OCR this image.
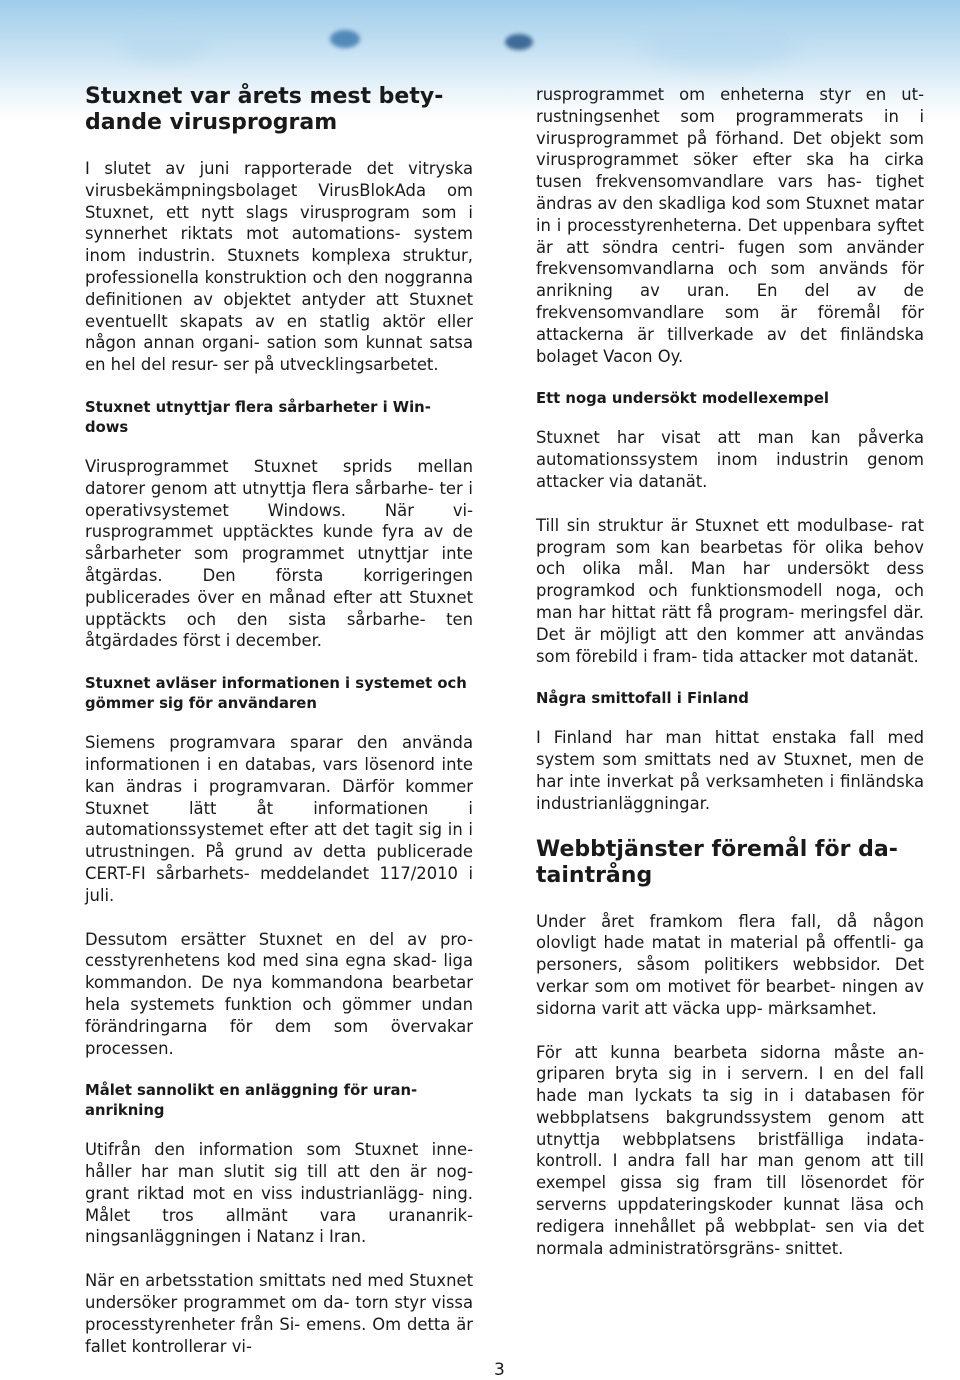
Stuxnet var årets mest bety- dande virusprogram

I slutet av juni rapporterade det vitryska virusbekämpningsbolaget VirusBlokAda om Stuxnet, ett nytt slags virusprogram som i synnerhet riktats mot automations- system inom industrin. Stuxnets komplexa struktur, professionella konstruktion och den noggranna definitionen av objektet antyder att Stuxnet eventuellt skapats av en statlig aktör eller någon annan organi- sation som kunnat satsa en hel del resur- ser på utvecklingsarbetet.

Stuxnet utnyttjar flera sårbarheter i Win- dows

Virusprogrammet Stuxnet sprids mellan datorer genom att utnyttja flera sårbarhe- ter i operativsystemet Windows. När vi- rusprogrammet upptäcktes kunde fyra av de sårbarheter som programmet utnyttjar inte åtgärdas. Den första korrigeringen publicerades över en månad efter att Stuxnet upptäckts och den sista sårbarhe- ten åtgärdades först i december.

Stuxnet avläser informationen i systemet och gömmer sig för användaren

Siemens programvara sparar den använda informationen i en databas, vars lösenord inte kan ändras i programvaran. Därför kommer Stuxnet lätt åt informationen i automationssystemet efter att det tagit sig in i utrustningen. På grund av detta publicerade CERT-FI sårbarhets- meddelandet 117/2010 i juli.

Dessutom ersätter Stuxnet en del av pro- cesstyrenhetens kod med sina egna skad- liga kommandon. De nya kommandona bearbetar hela systemets funktion och gömmer undan förändringarna för dem som övervakar processen.

Målet sannolikt en anläggning för uran- anrikning

Utifrån den information som Stuxnet inne- håller har man slutit sig till att den är nog- grant riktad mot en viss industrianlägg- ning. Målet tros allmänt vara urananrik- ningsanläggningen i Natanz i Iran.

När en arbetsstation smittats ned med Stuxnet undersöker programmet om da- torn styr vissa processtyrenheter från Si- emens. Om detta är fallet kontrollerar vi-

rusprogrammet om enheterna styr en ut- rustningsenhet som programmerats in i virusprogrammet på förhand. Det objekt som virusprogrammet söker efter ska ha cirka tusen frekvensomvandlare vars has- tighet ändras av den skadliga kod som Stuxnet matar in i processtyrenheterna. Det uppenbara syftet är att söndra centri- fugen som använder frekvensomvandlarna och som används för anrikning av uran. En del av de frekvensomvandlare som är föremål för attackerna är tillverkade av det finländska bolaget Vacon Oy.

Ett noga undersökt modellexempel

Stuxnet har visat att man kan påverka automationssystem inom industrin genom attacker via datanät.

Till sin struktur är Stuxnet ett modulbase- rat program som kan bearbetas för olika behov och olika mål. Man har undersökt dess programkod och funktionsmodell noga, och man har hittat rätt få program- meringsfel där. Det är möjligt att den kommer att användas som förebild i fram- tida attacker mot datanät.

Några smittofall i Finland

I Finland har man hittat enstaka fall med system som smittats ned av Stuxnet, men de har inte inverkat på verksamheten i finländska industrianläggningar.

Webbtjänster föremål för da- taintrång

Under året framkom flera fall, då någon olovligt hade matat in material på offentli- ga personers, såsom politikers webbsidor. Det verkar som om motivet för bearbet- ningen av sidorna varit att väcka upp- märksamhet.

För att kunna bearbeta sidorna måste an- griparen bryta sig in i servern. I en del fall hade man lyckats ta sig in i databasen för webbplatsens bakgrundssystem genom att utnyttja webbplatsens bristfälliga indata- kontroll. I andra fall har man genom att till exempel gissa sig fram till lösenordet för serverns uppdateringskoder kunnat läsa och redigera innehållet på webbplat- sen via det normala administratörsgräns- snittet.

3
